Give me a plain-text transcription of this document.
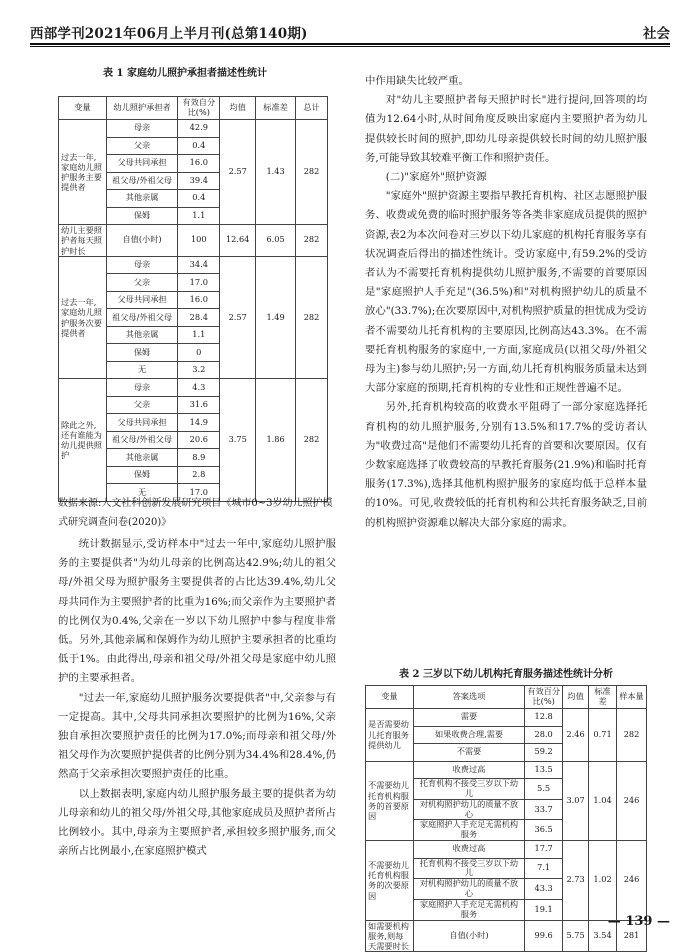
西部学刊2021年06月上半月刊(总第140期)	社会
表 1 家庭幼儿照护承担者描述性统计
变量	幼儿照护承担者	有效自分比(%)	均值	标准差	总计
过去一年,家庭幼儿照护服务主要提供者	母亲	42.9	2.57	1.43	282
	父亲	0.4			
	父母共同承担	16.0			
	祖父母/外祖父母	39.4			
	其他亲属	0.4			
	保姆	1.1			
幼儿主要照护者每天照护时长	自值(小时)	100	12.64	6.05	282
过去一年,家庭幼儿照护服务次要提供者	母亲	34.4	2.57	1.49	282
	父亲	17.0			
	父母共同承担	16.0			
	祖父母/外祖父母	28.4			
	其他亲属	1.1			
	保姆	0			
	无	3.2			
除此之外,还有谁能为幼儿提供照护	母亲	4.3	3.75	1.86	282
	父亲	31.6			
	父母共同承担	14.9			
	祖父母/外祖父母	20.6			
	其他亲属	8.9			
	保姆	2.8			
	无	17.0			
数据来源:人文社科创新发展研究项目《城市0~3岁幼儿照护模式研究调查问卷(2020)》

统计数据显示,受访样本中"过去一年中,家庭幼儿照护服务的主要提供者"为幼儿母亲的比例高达42.9%;幼儿的祖父母/外祖父母为照护服务主要提供者的占比达39.4%,幼儿父母共同作为主要照护者的比重为16%;而父亲作为主要照护者的比例仅为0.4%,父亲在一岁以下幼儿照护中参与程度非常低。另外,其他亲属和保姆作为幼儿照护主要承担者的比重均低于1%。由此得出,母亲和祖父母/外祖父母是家庭中幼儿照护的主要承担者。

"过去一年,家庭幼儿照护服务次要提供者"中,父亲参与有一定提高。其中,父母共同承担次要照护的比例为16%,父亲独自承担次要照护责任的比例为17.0%;而母亲和祖父母/外祖父母作为次要照护提供者的比例分别为34.4%和28.4%,仍然高于父亲承担次要照护责任的比重。

以上数据表明,家庭内幼儿照护服务最主要的提供者为幼儿母亲和幼儿的祖父母/外祖父母,其他家庭成员及照护者所占比例较小。其中,母亲为主要照护者,承担较多照护服务,而父亲所占比例最小,在家庭照护模式

中作用缺失比较严重。

对"幼儿主要照护者每天照护时长"进行提问,回答项的均值为12.64小时,从时间角度反映出家庭内主要照护者为幼儿提供较长时间的照护,即幼儿母亲提供较长时间的幼儿照护服务,可能导致其较难平衡工作和照护责任。

(二)"家庭外"照护资源

"家庭外"照护资源主要指早教托育机构、社区志愿照护服务、收费或免费的临时照护服务等各类非家庭成员提供的照护资源,表2为本次问卷对三岁以下幼儿家庭的机构托育服务享有状况调查后得出的描述性统计。受访家庭中,有59.2%的受访者认为不需要托育机构提供幼儿照护服务,不需要的首要原因是"家庭照护人手充足"(36.5%)和"对机构照护幼儿的质量不放心"(33.7%);在次要原因中,对机构照护质量的担忧成为受访者不需要幼儿托育机构的主要原因,比例高达43.3%。在不需要托育机构服务的家庭中,一方面,家庭成员(以祖父母/外祖父母为主)参与幼儿照护;另一方面,幼儿托育机构服务质量未达到大部分家庭的预期,托育机构的专业性和正规性普遍不足。

另外,托育机构较高的收费水平阻碍了一部分家庭选择托育机构的幼儿照护服务,分别有13.5%和17.7%的受访者认为"收费过高"是他们不需要幼儿托育的首要和次要原因。仅有少数家庭选择了收费较高的早教托育服务(21.9%)和临时托育服务(17.3%),选择其他机构照护服务的家庭均低于总样本量的10%。可见,收费较低的托育机构和公共托育服务缺乏,目前的机构照护资源难以解决大部分家庭的需求。

表 2 三岁以下幼儿机构托育服务描述性统计分析
变量	答案选项	有效百分比(%)	均值	标准差	样本量
是否需要幼儿托育服务提供幼儿	需要	12.8	2.46	0.71	282
	如果收费合理,需要	28.0			
	不需要	59.2			
不需要幼儿托育机构服务的首要原因	收费过高	13.5	3.07	1.04	246
	托育机构不接受三岁以下幼儿	5.5			
	对机构照护幼儿的质量不放心	33.7			
	家庭照护人手充足无需机构服务	36.5			
不需要幼儿托育机构服务的次要原因	收费过高	17.7	2.73	1.02	246
	托育机构不接受三岁以下幼儿	7.1			
	对机构照护幼儿的质量不放心	43.3			
	家庭照护人手充足无需机构服务	19.1			
如需要机构服务,则每天需要时长	自值(小时)	99.6	5.75	3.54	281
— 139 —
